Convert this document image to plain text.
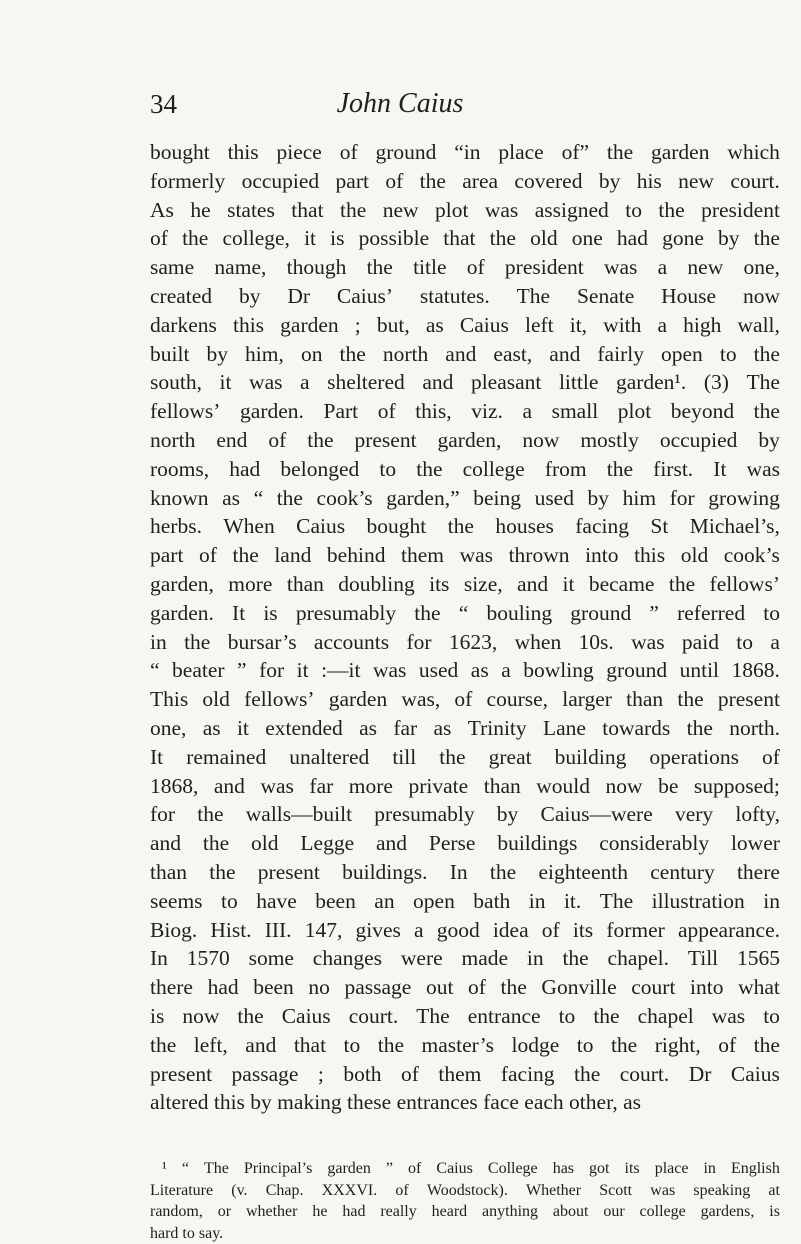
34	John Caius
bought this piece of ground “in place of” the garden which
formerly occupied part of the area covered by his new court.
As he states that the new plot was assigned to the president
of the college, it is possible that the old one had gone by the
same name, though the title of president was a new one,
created by Dr Caius’ statutes. The Senate House now
darkens this garden ; but, as Caius left it, with a high wall,
built by him, on the north and east, and fairly open to the
south, it was a sheltered and pleasant little garden¹. (3) The
fellows’ garden. Part of this, viz. a small plot beyond the
north end of the present garden, now mostly occupied by
rooms, had belonged to the college from the first. It was
known as “ the cook’s garden,” being used by him for growing
herbs. When Caius bought the houses facing St Michael’s,
part of the land behind them was thrown into this old cook’s
garden, more than doubling its size, and it became the fellows’
garden. It is presumably the “ bouling ground ” referred to
in the bursar’s accounts for 1623, when 10s. was paid to a
“ beater ” for it :—it was used as a bowling ground until 1868.
This old fellows’ garden was, of course, larger than the present
one, as it extended as far as Trinity Lane towards the north.
It remained unaltered till the great building operations of
1868, and was far more private than would now be supposed;
for the walls—built presumably by Caius—were very lofty,
and the old Legge and Perse buildings considerably lower
than the present buildings. In the eighteenth century there
seems to have been an open bath in it. The illustration in
Biog. Hist. III. 147, gives a good idea of its former appearance.
In 1570 some changes were made in the chapel. Till 1565
there had been no passage out of the Gonville court into what
is now the Caius court. The entrance to the chapel was to
the left, and that to the master’s lodge to the right, of the
present passage ; both of them facing the court. Dr Caius
altered this by making these entrances face each other, as
¹ “ The Principal’s garden ” of Caius College has got its place in English
Literature (v. Chap. XXXVI. of Woodstock). Whether Scott was speaking at
random, or whether he had really heard anything about our college gardens, is
hard to say.
